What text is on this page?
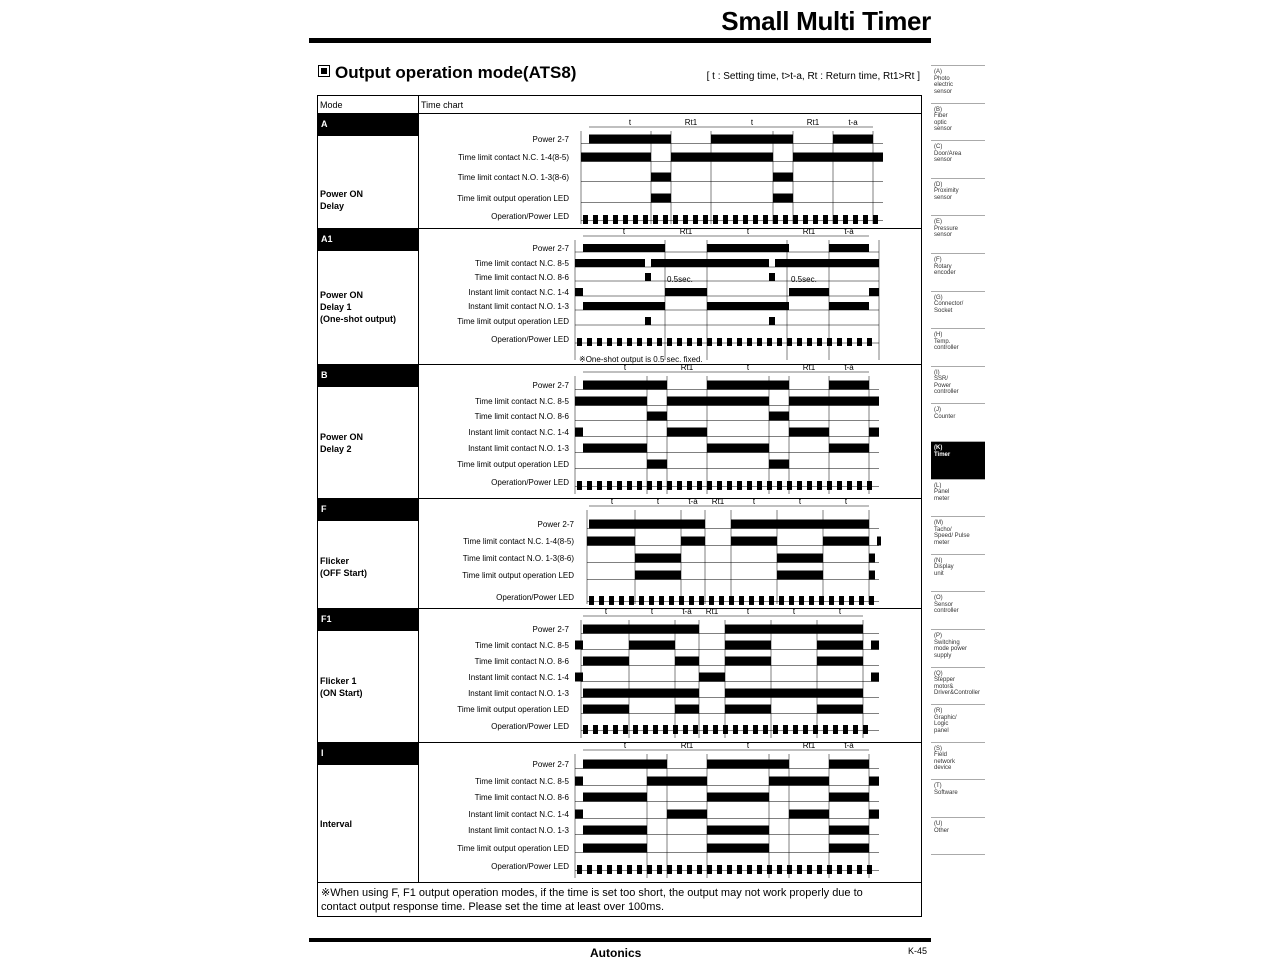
Small Multi Timer
Output operation mode(ATS8)	[ t : Setting time, t>t-a, Rt : Return time, Rt1>Rt ]
Mode	Time chart
A
Power ON
Delay
t	Rt1	t	Rt1	t-a
Power 2-7
Time limit contact N.C. 1-4(8-5)
Time limit contact N.O. 1-3(8-6)
Time limit output operation LED
Operation/Power LED
A1
Power ON
Delay 1
(One-shot output)
t	Rt1	t	Rt1	t-a
Power 2-7
Time limit contact N.C. 8-5
Time limit contact N.O. 8-6
Instant limit contact N.C. 1-4
Instant limit contact N.O. 1-3
Time limit output operation LED
Operation/Power LED
0.5sec.	0.5sec.
※One-shot output is 0.5 sec. fixed.
B
Power ON
Delay 2
t	Rt1	t	Rt1	t-a
Power 2-7
Time limit contact N.C. 8-5
Time limit contact N.O. 8-6
Instant limit contact N.C. 1-4
Instant limit contact N.O. 1-3
Time limit output operation LED
Operation/Power LED
F
Flicker
(OFF Start)
t	t	t-a Rt1	t	t	t
Power 2-7
Time limit contact N.C. 1-4(8-5)
Time limit contact N.O. 1-3(8-6)
Time limit output operation LED
Operation/Power LED
F1
Flicker 1
(ON Start)
t	t	t-a Rt1	t	t	t
Power 2-7
Time limit contact N.C. 8-5
Time limit contact N.O. 8-6
Instant limit contact N.C. 1-4
Instant limit contact N.O. 1-3
Time limit output operation LED
Operation/Power LED
I
Interval
t	Rt1	t	Rt1	t-a
Power 2-7
Time limit contact N.C. 8-5
Time limit contact N.O. 8-6
Instant limit contact N.C. 1-4
Instant limit contact N.O. 1-3
Time limit output operation LED
Operation/Power LED
※When using F, F1 output operation modes, if the time is set too short, the output may not work properly due to
contact output response time. Please set the time at least over 100ms.
Autonics	K-45
(A)
Photo
electric
sensor
(B)
Fiber
optic
sensor
(C)
Door/Area
sensor
(D)
Proximity
sensor
(E)
Pressure
sensor
(F)
Rotary
encoder
(G)
Connector/
Socket
(H)
Temp.
controller
(I)
SSR/
Power
controller
(J)
Counter
(K)
Timer
(L)
Panel
meter
(M)
Tacho/
Speed/ Pulse
meter
(N)
Display
unit
(O)
Sensor
controller
(P)
Switching
mode power
supply
(Q)
Stepper
motor&
Driver&Controller
(R)
Graphic/
Logic
panel
(S)
Field
network
device
(T)
Software
(U)
Other
